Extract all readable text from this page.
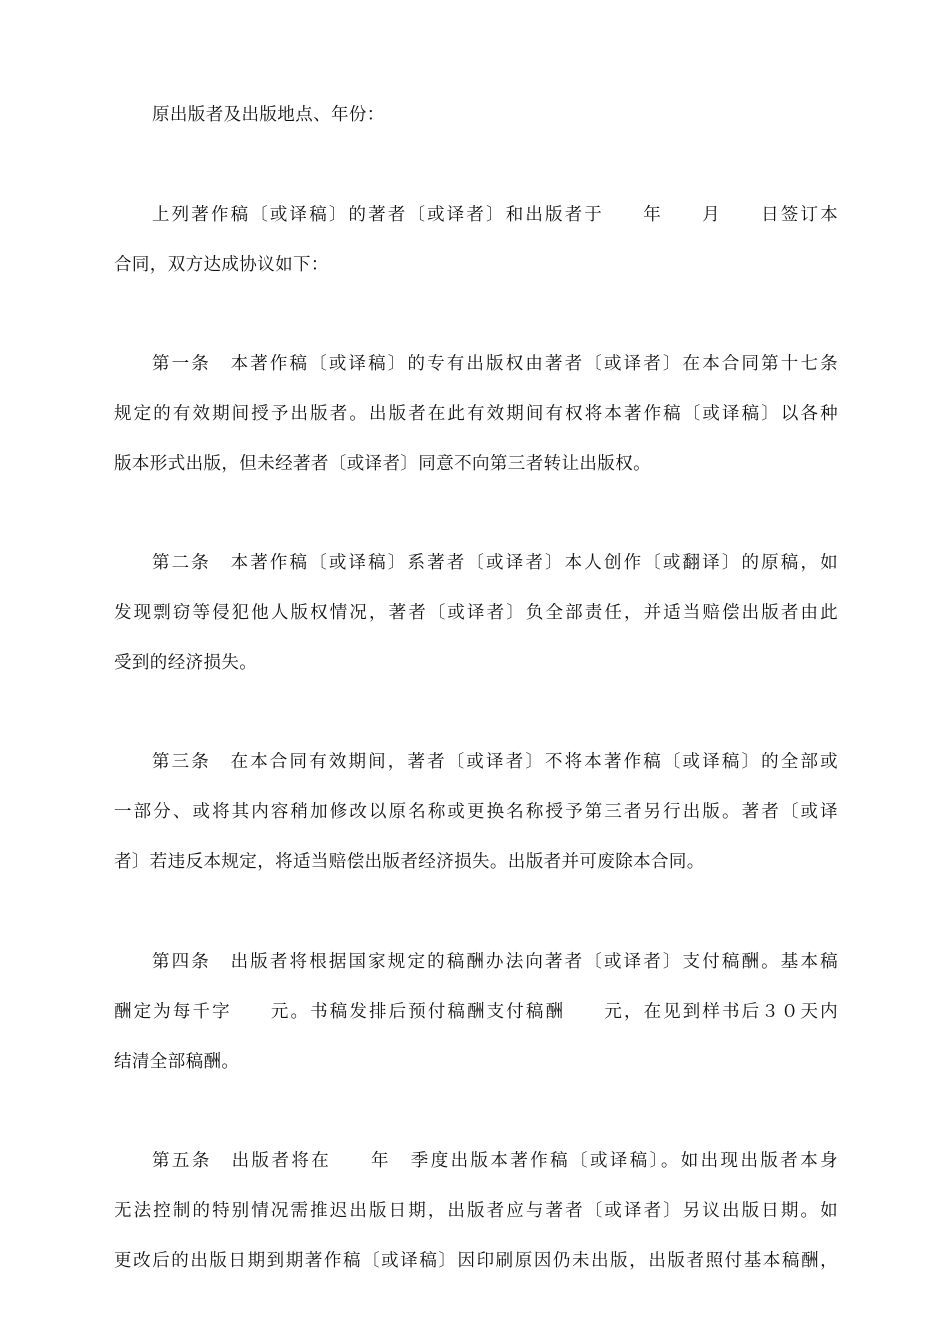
原出版者及出版地点、年份：
上列著作稿〔或译稿〕的著者〔或译者〕和出版者于　　年　　月　　日签订本
合同，双方达成协议如下：
第一条　本著作稿〔或译稿〕的专有出版权由著者〔或译者〕在本合同第十七条
规定的有效期间授予出版者。出版者在此有效期间有权将本著作稿〔或译稿〕以各种
版本形式出版，但未经著者〔或译者〕同意不向第三者转让出版权。
第二条　本著作稿〔或译稿〕系著者〔或译者〕本人创作〔或翻译〕的原稿，如
发现剽窃等侵犯他人版权情况，著者〔或译者〕负全部责任，并适当赔偿出版者由此
受到的经济损失。
第三条　在本合同有效期间，著者〔或译者〕不将本著作稿〔或译稿〕的全部或
一部分、或将其内容稍加修改以原名称或更换名称授予第三者另行出版。著者〔或译
者〕若违反本规定，将适当赔偿出版者经济损失。出版者并可废除本合同。
第四条　出版者将根据国家规定的稿酬办法向著者〔或译者〕支付稿酬。基本稿
酬定为每千字　　元。书稿发排后预付稿酬支付稿酬　　元，在见到样书后３０天内
结清全部稿酬。
第五条　出版者将在　　年　季度出版本著作稿〔或译稿〕。如出现出版者本身
无法控制的特别情况需推迟出版日期，出版者应与著者〔或译者〕另议出版日期。如
更改后的出版日期到期著作稿〔或译稿〕因印刷原因仍未出版，出版者照付基本稿酬，
